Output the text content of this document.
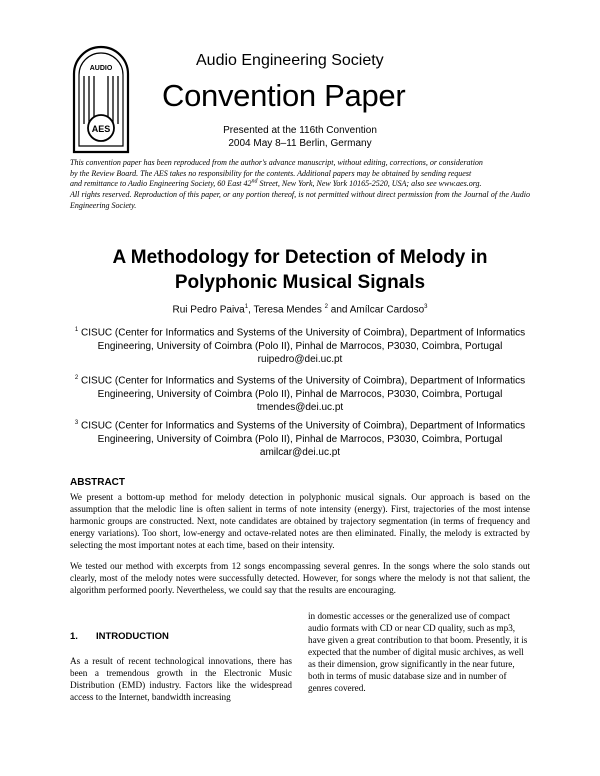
AUDIO
AES
Audio Engineering Society
Convention Paper
Presented at the 116th Convention
2004 May 8–11 Berlin, Germany
This convention paper has been reproduced from the author's advance manuscript, without editing, corrections, or consideration
by the Review Board. The AES takes no responsibility for the contents. Additional papers may be obtained by sending request
and remittance to Audio Engineering Society, 60 East 42nd Street, New York, New York 10165-2520, USA; also see www.aes.org.
All rights reserved. Reproduction of this paper, or any portion thereof, is not permitted without direct permission from the Journal of the Audio Engineering Society.
A Methodology for Detection of Melody in
Polyphonic Musical Signals
Rui Pedro Paiva$^1$, Teresa Mendes $^2$ and Amílcar Cardoso$^3$
$^1$ CISUC (Center for Informatics and Systems of the University of Coimbra), Department of Informatics
Engineering, University of Coimbra (Polo II), Pinhal de Marrocos, P3030, Coimbra, Portugal
ruipedro@dei.uc.pt
$^2$ CISUC (Center for Informatics and Systems of the University of Coimbra), Department of Informatics
Engineering, University of Coimbra (Polo II), Pinhal de Marrocos, P3030, Coimbra, Portugal
tmendes@dei.uc.pt
$^3$ CISUC (Center for Informatics and Systems of the University of Coimbra), Department of Informatics
Engineering, University of Coimbra (Polo II), Pinhal de Marrocos, P3030, Coimbra, Portugal
amilcar@dei.uc.pt
ABSTRACT
We present a bottom-up method for melody detection in polyphonic musical signals. Our approach is based on the assumption that the melodic line is often salient in terms of note intensity (energy). First, trajectories of the most intense harmonic groups are constructed. Next, note candidates are obtained by trajectory segmentation (in terms of frequency and energy variations). Too short, low-energy and octave-related notes are then eliminated. Finally, the melody is extracted by selecting the most important notes at each time, based on their intensity.
We tested our method with excerpts from 12 songs encompassing several genres. In the songs where the solo stands out clearly, most of the melody notes were successfully detected. However, for songs where the melody is not that salient, the algorithm performed poorly. Nevertheless, we could say that the results are encouraging.
1. INTRODUCTION
As a result of recent technological innovations, there has been a tremendous growth in the Electronic Music Distribution (EMD) industry. Factors like the widespread access to the Internet, bandwidth increasing
in domestic accesses or the generalized use of compact audio formats with CD or near CD quality, such as mp3, have given a great contribution to that boom. Presently, it is expected that the number of digital music archives, as well as their dimension, grow significantly in the near future, both in terms of music database size and in number of genres covered.
